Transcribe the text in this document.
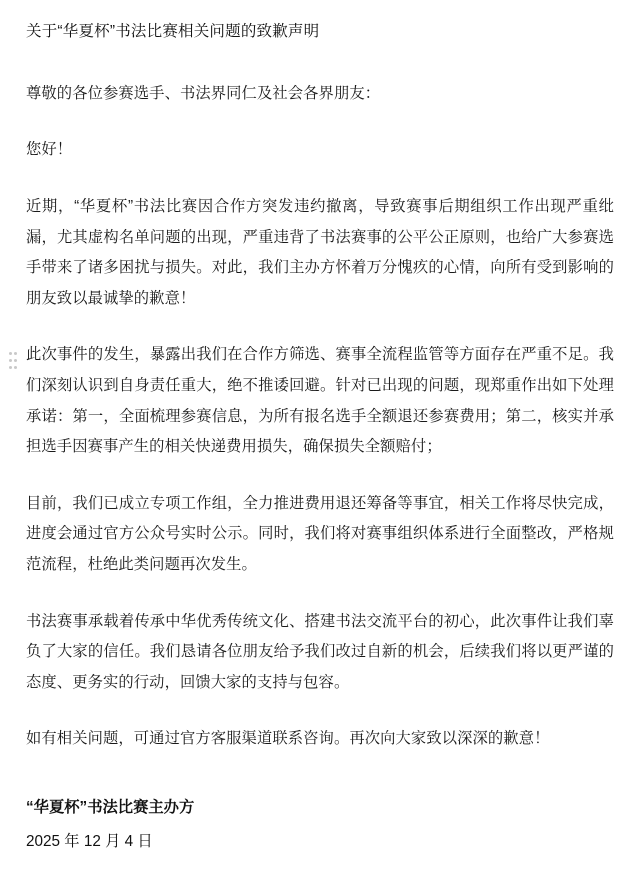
关于“华夏杯”书法比赛相关问题的致歉声明

尊敬的各位参赛选手、书法界同仁及社会各界朋友：

您好！

近期，“华夏杯”书法比赛因合作方突发违约撤离，导致赛事后期组织工作出现严重纰漏，尤其虚构名单问题的出现，严重违背了书法赛事的公平公正原则，也给广大参赛选手带来了诸多困扰与损失。对此，我们主办方怀着万分愧疚的心情，向所有受到影响的朋友致以最诚挚的歉意！

此次事件的发生，暴露出我们在合作方筛选、赛事全流程监管等方面存在严重不足。我们深刻认识到自身责任重大，绝不推诿回避。针对已出现的问题，现郑重作出如下处理承诺：第一，全面梳理参赛信息，为所有报名选手全额退还参赛费用；第二，核实并承担选手因赛事产生的相关快递费用损失，确保损失全额赔付；

目前，我们已成立专项工作组，全力推进费用退还筹备等事宜，相关工作将尽快完成，进度会通过官方公众号实时公示。同时，我们将对赛事组织体系进行全面整改，严格规范流程，杜绝此类问题再次发生。

书法赛事承载着传承中华优秀传统文化、搭建书法交流平台的初心，此次事件让我们辜负了大家的信任。我们恳请各位朋友给予我们改过自新的机会，后续我们将以更严谨的态度、更务实的行动，回馈大家的支持与包容。

如有相关问题，可通过官方客服渠道联系咨询。再次向大家致以深深的歉意！

“华夏杯”书法比赛主办方

2025 年 12 月 4 日
